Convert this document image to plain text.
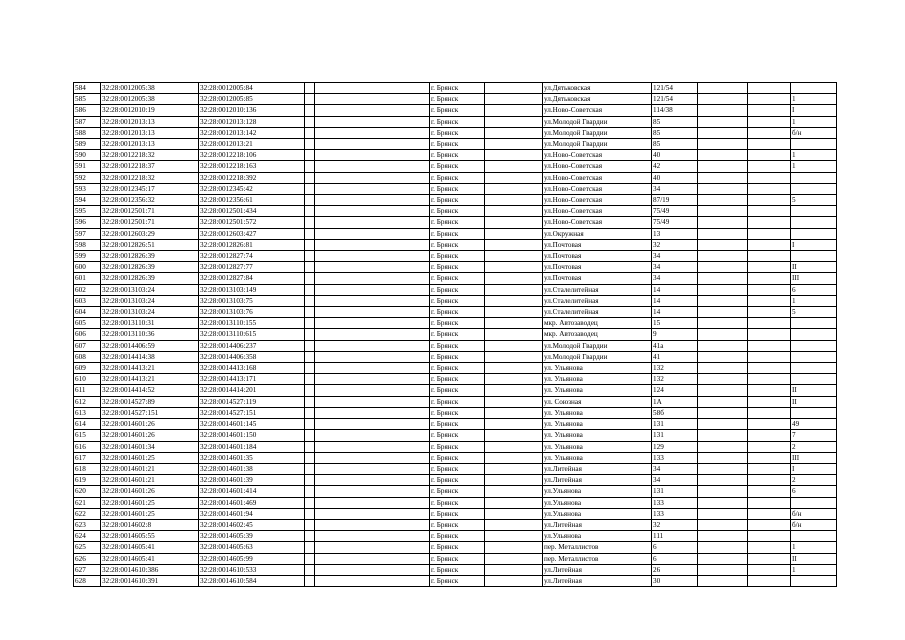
584	32:28:0012005:38	32:28:0012005:84			г. Брянск		ул.Дятьковская	121/54			
585	32:28:0012005:38	32:28:0012005:85			г. Брянск		ул.Дятьковская	121/54			1
586	32:28:0012010:19	32:28:0012010:136			г. Брянск		ул.Ново-Советская	114/38			I
587	32:28:0012013:13	32:28:0012013:128			г. Брянск		ул.Молодой Гвардии	85			1
588	32:28:0012013:13	32:28:0012013:142			г. Брянск		ул.Молодой Гвардии	85			б/н
589	32:28:0012013:13	32:28:0012013:21			г. Брянск		ул.Молодой Гвардии	85			
590	32:28:0012218:32	32:28:0012218:106			г. Брянск		ул.Ново-Советская	40			1
591	32:28:0012218:37	32:28:0012218:163			г. Брянск		ул.Ново-Советская	42			1
592	32:28:0012218:32	32:28:0012218:392			г. Брянск		ул.Ново-Советская	40			
593	32:28:0012345:17	32:28:0012345:42			г. Брянск		ул.Ново-Советская	34			
594	32:28:0012356:32	32:28:0012356:61			г. Брянск		ул.Ново-Советская	87/19			5
595	32:28:0012501:71	32:28:0012501:434			г. Брянск		ул.Ново-Советская	75/49			
596	32:28:0012501:71	32:28:0012501:572			г. Брянск		ул.Ново-Советская	75/49			
597	32:28:0012603:29	32:28:0012603:427			г. Брянск		ул.Окружная	13			
598	32:28:0012826:51	32:28:0012826:81			г. Брянск		ул.Почтовая	32			I
599	32:28:0012826:39	32:28:0012827:74			г. Брянск		ул.Почтовая	34			
600	32:28:0012826:39	32:28:0012827:77			г. Брянск		ул.Почтовая	34			II
601	32:28:0012826:39	32:28:0012827:84			г. Брянск		ул.Почтовая	34			III
602	32:28:0013103:24	32:28:0013103:149			г. Брянск		ул.Сталелитейная	14			6
603	32:28:0013103:24	32:28:0013103:75			г. Брянск		ул.Сталелитейная	14			1
604	32:28:0013103:24	32:28:0013103:76			г. Брянск		ул.Сталелитейная	14			5
605	32:28:0013110:31	32:28:0013110:155			г. Брянск		мкр. Автозаводец	15			
606	32:28:0013110:36	32:28:0013110:615			г. Брянск		мкр. Автозаводец	9			
607	32:28:0014406:59	32:28:0014406:237			г. Брянск		ул.Молодой Гвардии	41а			
608	32:28:0014414:38	32:28:0014406:358			г. Брянск		ул.Молодой Гвардии	41			
609	32:28:0014413:21	32:28:0014413:168			г. Брянск		ул. Ульянова	132			
610	32:28:0014413:21	32:28:0014413:171			г. Брянск		ул. Ульянова	132			
611	32:28:0014414:52	32:28:0014414:201			г. Брянск		ул. Ульянова	124			II
612	32:28:0014527:89	32:28:0014527:119			г. Брянск		ул. Союзная	1А			II
613	32:28:0014527:151	32:28:0014527:151			г. Брянск		ул. Ульянова	58б			
614	32:28:0014601:26	32:28:0014601:145			г. Брянск		ул. Ульянова	131			49
615	32:28:0014601:26	32:28:0014601:150			г. Брянск		ул. Ульянова	131			7
616	32:28:0014601:34	32:28:0014601:184			г. Брянск		ул. Ульянова	129			2
617	32:28:0014601:25	32:28:0014601:35			г. Брянск		ул. Ульянова	133			III
618	32:28:0014601:21	32:28:0014601:38			г. Брянск		ул.Литейная	34			I
619	32:28:0014601:21	32:28:0014601:39			г. Брянск		ул.Литейная	34			2
620	32:28:0014601:26	32:28:0014601:414			г. Брянск		ул.Ульянова	131			6
621	32:28:0014601:25	32:28:0014601:469			г. Брянск		ул.Ульянова	133			
622	32:28:0014601:25	32:28:0014601:94			г. Брянск		ул.Ульянова	133			б/н
623	32:28:0014602:8	32:28:0014602:45			г. Брянск		ул.Литейная	32			б/н
624	32:28:0014605:55	32:28:0014605:39			г. Брянск		ул.Ульянова	111			
625	32:28:0014605:41	32:28:0014605:63			г. Брянск		пер. Металлистов	6			1
626	32:28:0014605:41	32:28:0014605:99			г. Брянск		пер. Металлистов	6			II
627	32:28:0014610:386	32:28:0014610:533			г. Брянск		ул.Литейная	26			1
628	32:28:0014610:391	32:28:0014610:584			г. Брянск		ул.Литейная	30			
